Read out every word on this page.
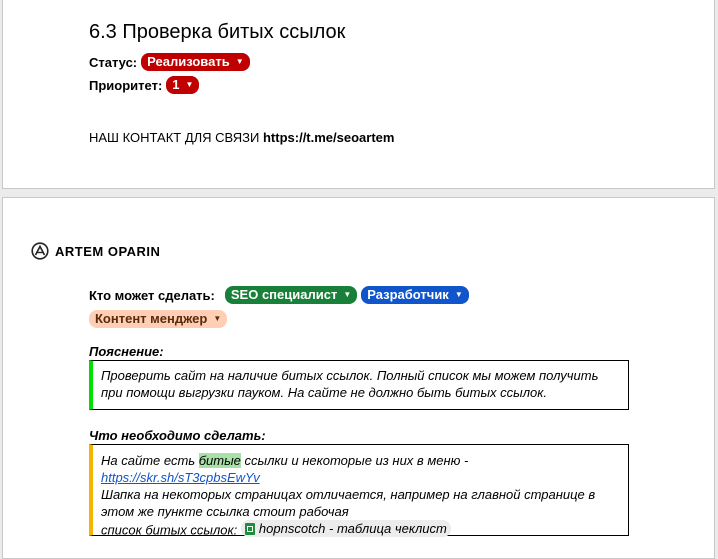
6.3 Проверка битых ссылок
Статус: Реализовать ▼
Приоритет: 1 ▼
НАШ КОНТАКТ ДЛЯ СВЯЗИ https://t.me/seoartem
ARTEM OPARIN
Кто может сделать: SEO специалист ▼ Разработчик ▼
Контент менджер ▼
Пояснение:
Проверить сайт на наличие битых ссылок. Полный список мы можем получить при помощи выгрузки пауком. На сайте не должно быть битых ссылок.
Что необходимо сделать:
На сайте есть битые ссылки и некоторые из них в меню -
https://skr.sh/sT3cpbsEwYv
Шапка на некоторых страницах отличается, например на главной странице в этом же пункте ссылка стоит рабочая
список битых ссылок: hopnscotch - таблица чеклист
